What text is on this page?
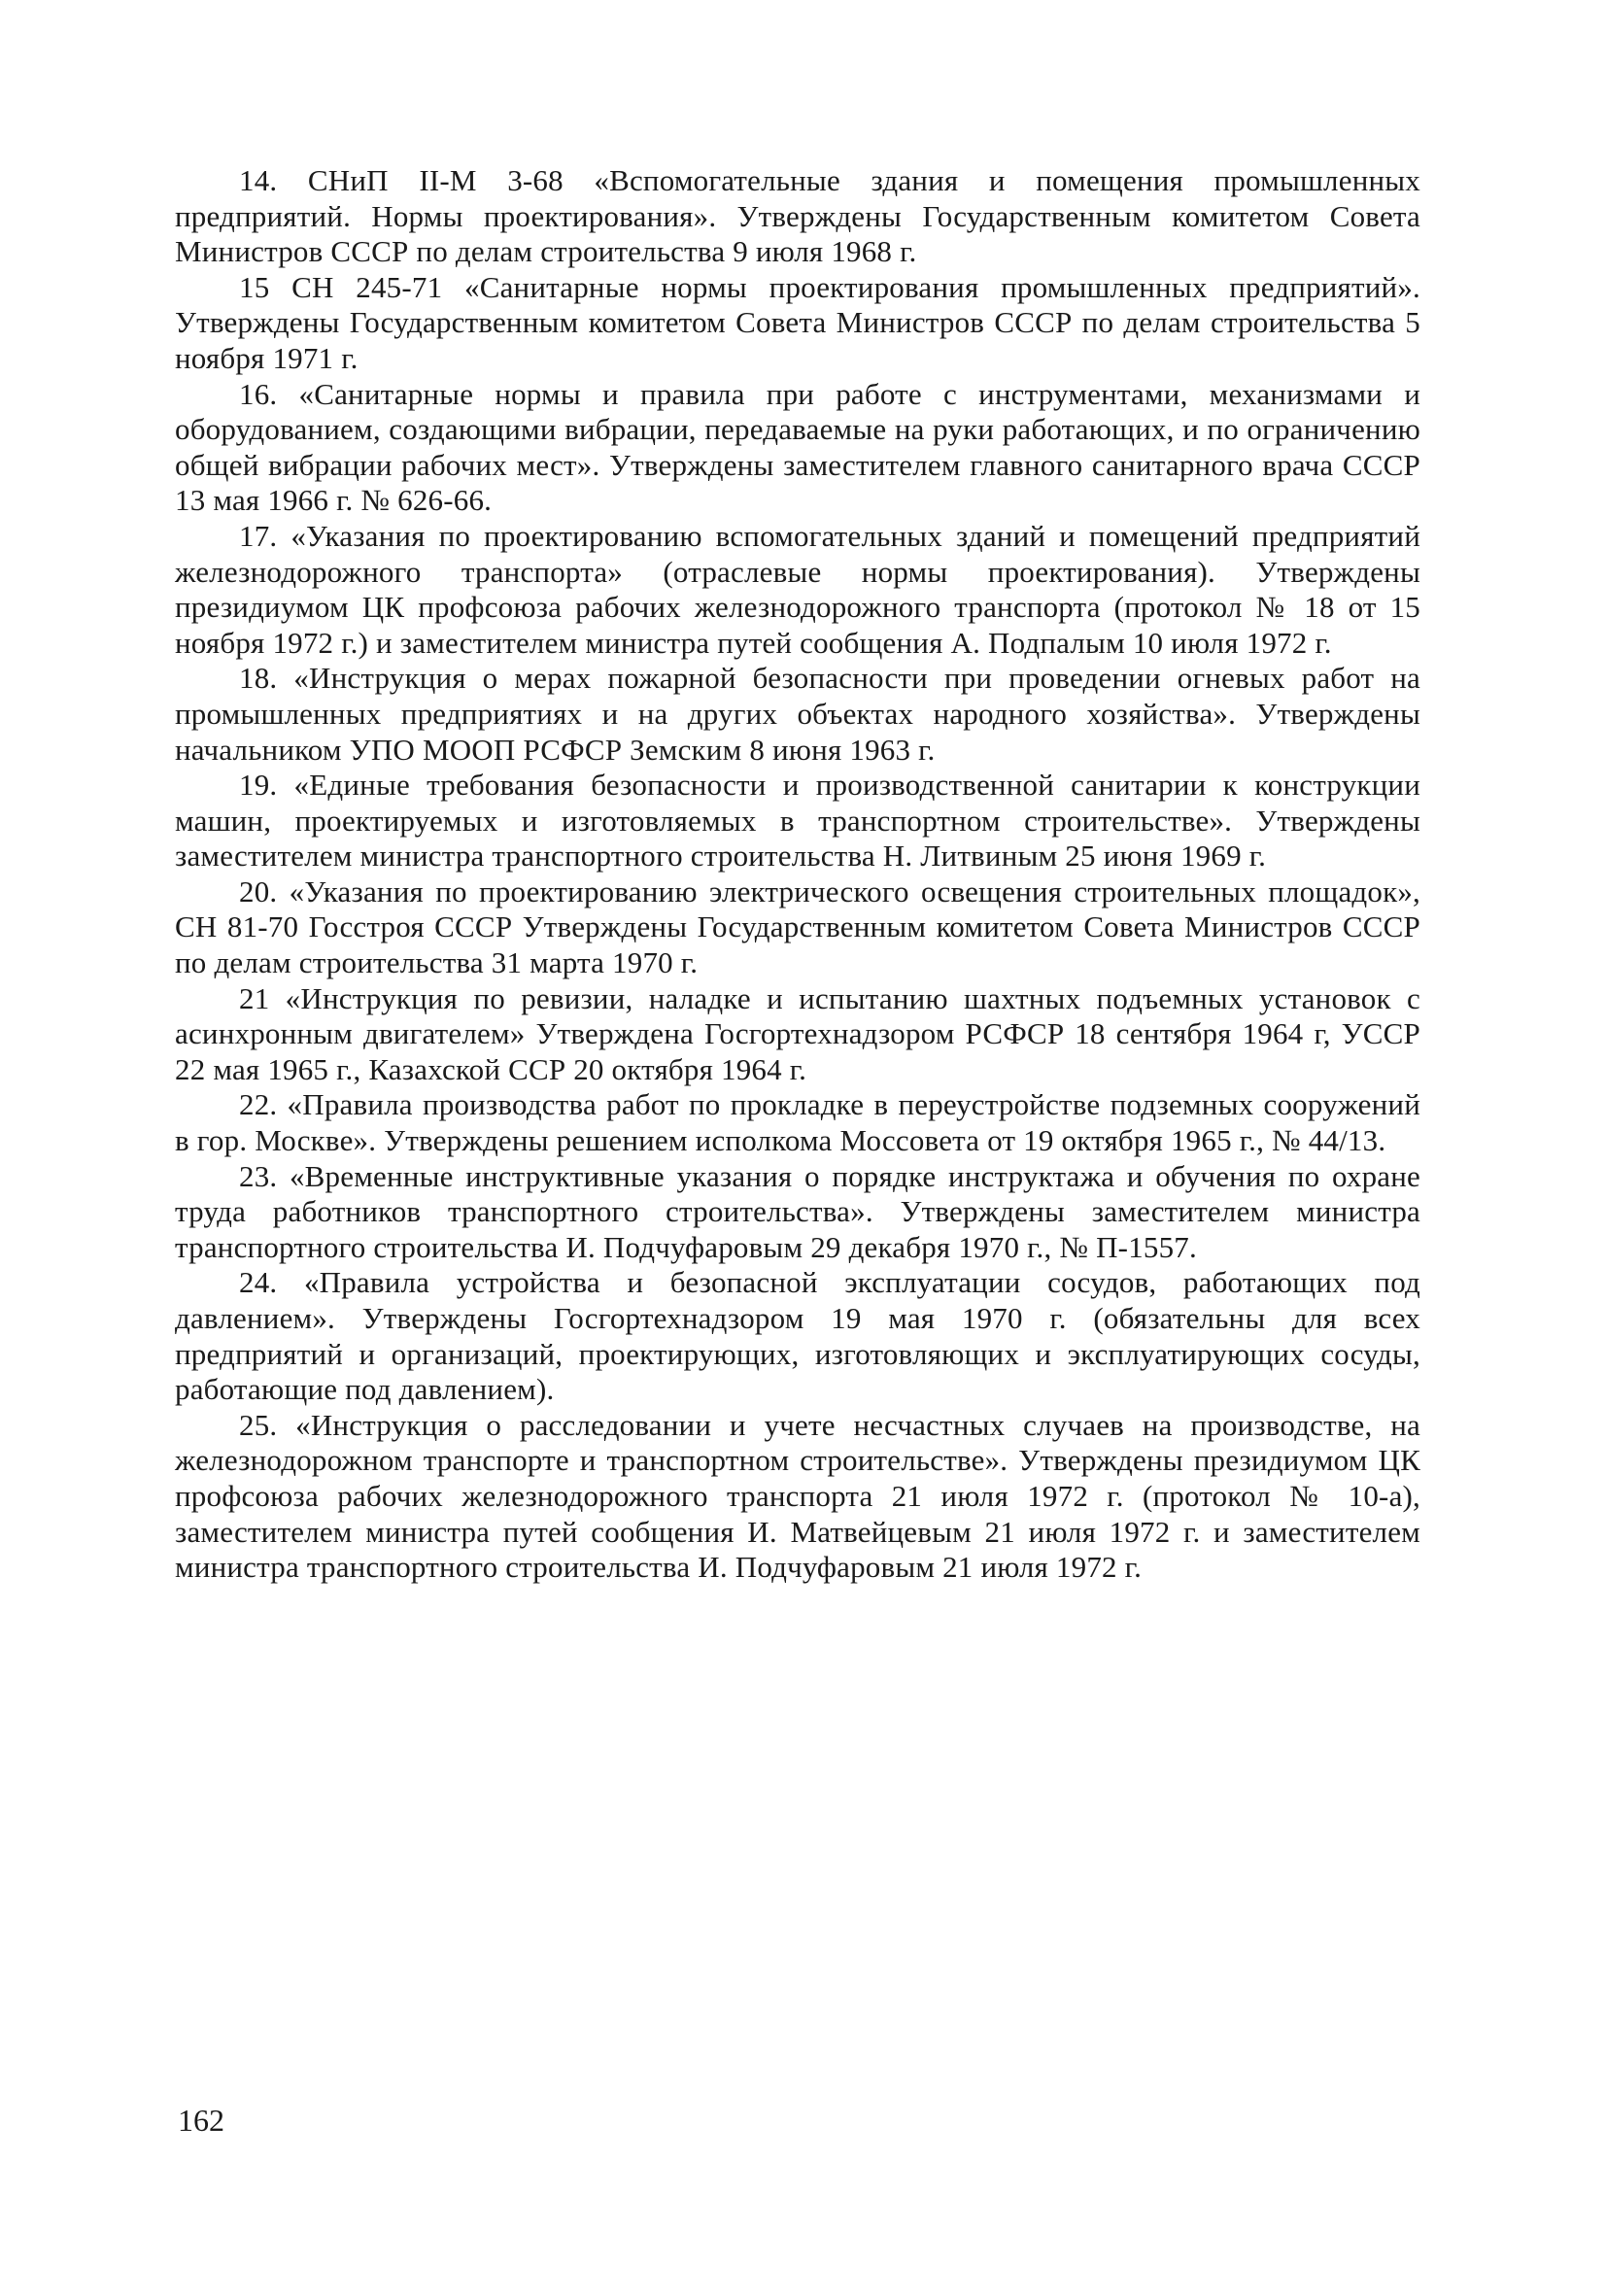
14. СНиП II-М 3-68 «Вспомогательные здания и помещения промышленных предприятий. Нормы проектирования». Утверждены Государственным комитетом Совета Министров СССР по делам строительства 9 июля 1968 г.

15 СН 245-71 «Санитарные нормы проектирования промышленных предприятий». Утверждены Государственным комитетом Совета Министров СССР по делам строительства 5 ноября 1971 г.

16. «Санитарные нормы и правила при работе с инструментами, механизмами и оборудованием, создающими вибрации, передаваемые на руки работающих, и по ограничению общей вибрации рабочих мест». Утверждены заместителем главного санитарного врача СССР 13 мая 1966 г. № 626-66.

17. «Указания по проектированию вспомогательных зданий и помещений предприятий железнодорожного транспорта» (отраслевые нормы проектирования). Утверждены президиумом ЦК профсоюза рабочих железнодорожного транспорта (протокол № 18 от 15 ноября 1972 г.) и заместителем министра путей сообщения А. Подпалым 10 июля 1972 г.

18. «Инструкция о мерах пожарной безопасности при проведении огневых работ на промышленных предприятиях и на других объектах народного хозяйства». Утверждены начальником УПО МООП РСФСР Земским 8 июня 1963 г.

19. «Единые требования безопасности и производственной санитарии к конструкции машин, проектируемых и изготовляемых в транспортном строительстве». Утверждены заместителем министра транспортного строительства Н. Литвиным 25 июня 1969 г.

20. «Указания по проектированию электрического освещения строительных площадок», СН 81-70 Госстроя СССР Утверждены Государственным комитетом Совета Министров СССР по делам строительства 31 марта 1970 г.

21 «Инструкция по ревизии, наладке и испытанию шахтных подъемных установок с асинхронным двигателем» Утверждена Госгортехнадзором РСФСР 18 сентября 1964 г, УССР 22 мая 1965 г., Казахской ССР 20 октября 1964 г.

22. «Правила производства работ по прокладке в переустройстве подземных сооружений в гор. Москве». Утверждены решением исполкома Моссовета от 19 октября 1965 г., № 44/13.

23. «Временные инструктивные указания о порядке инструктажа и обучения по охране труда работников транспортного строительства». Утверждены заместителем министра транспортного строительства И. Подчуфаровым 29 декабря 1970 г., № П-1557.

24. «Правила устройства и безопасной эксплуатации сосудов, работающих под давлением». Утверждены Госгортехнадзором 19 мая 1970 г. (обязательны для всех предприятий и организаций, проектирующих, изготовляющих и эксплуатирующих сосуды, работающие под давлением).

25. «Инструкция о расследовании и учете несчастных случаев на производстве, на железнодорожном транспорте и транспортном строительстве». Утверждены президиумом ЦК профсоюза рабочих железнодорожного транспорта 21 июля 1972 г. (протокол № 10-а), заместителем министра путей сообщения И. Матвейцевым 21 июля 1972 г. и заместителем министра транспортного строительства И. Подчуфаровым 21 июля 1972 г.

162
